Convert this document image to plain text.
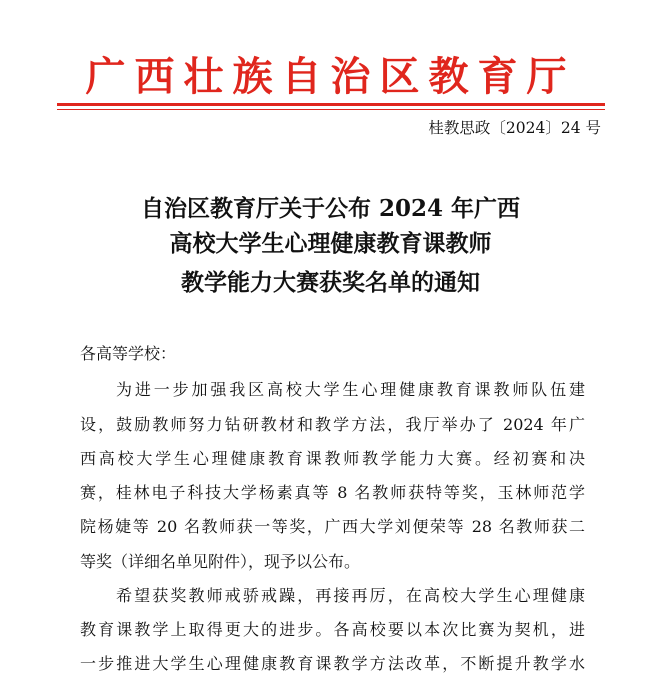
广西壮族自治区教育厅
桂教思政〔2024〕24 号
自治区教育厅关于公布 2024 年广西
高校大学生心理健康教育课教师
教学能力大赛获奖名单的通知
各高等学校：
为进一步加强我区高校大学生心理健康教育课教师队伍建
设，鼓励教师努力钻研教材和教学方法，我厅举办了 2024 年广
西高校大学生心理健康教育课教师教学能力大赛。经初赛和决
赛，桂林电子科技大学杨素真等 8 名教师获特等奖，玉林师范学
院杨婕等 20 名教师获一等奖，广西大学刘便荣等 28 名教师获二
等奖（详细名单见附件），现予以公布。
希望获奖教师戒骄戒躁，再接再厉，在高校大学生心理健康
教育课教学上取得更大的进步。各高校要以本次比赛为契机，进
一步推进大学生心理健康教育课教学方法改革，不断提升教学水
